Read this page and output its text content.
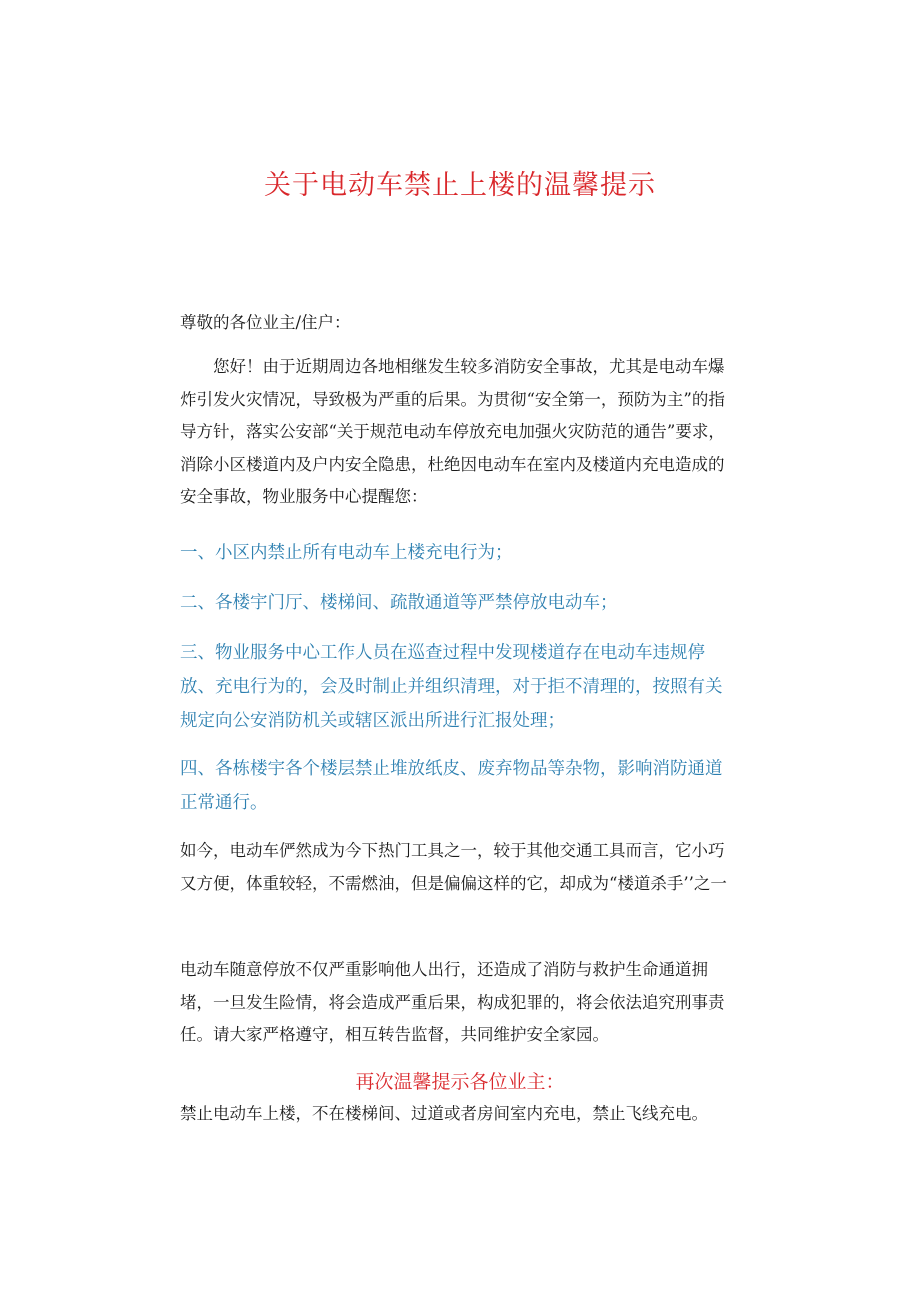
关于电动车禁止上楼的温馨提示

尊敬的各位业主/住户：

您好！由于近期周边各地相继发生较多消防安全事故，尤其是电动车爆炸引发火灾情况，导致极为严重的后果。为贯彻“安全第一，预防为主”的指导方针，落实公安部“关于规范电动车停放充电加强火灾防范的通告”要求，消除小区楼道内及户内安全隐患，杜绝因电动车在室内及楼道内充电造成的安全事故，物业服务中心提醒您：

一、小区内禁止所有电动车上楼充电行为；

二、各楼宇门厅、楼梯间、疏散通道等严禁停放电动车；

三、物业服务中心工作人员在巡查过程中发现楼道存在电动车违规停放、充电行为的，会及时制止并组织清理，对于拒不清理的，按照有关规定向公安消防机关或辖区派出所进行汇报处理；

四、各栋楼宇各个楼层禁止堆放纸皮、废弃物品等杂物，影响消防通道正常通行。

如今，电动车俨然成为今下热门工具之一，较于其他交通工具而言，它小巧又方便，体重较轻，不需燃油，但是偏偏这样的它，却成为“楼道杀手’’之一

电动车随意停放不仅严重影响他人出行，还造成了消防与救护生命通道拥堵，一旦发生险情，将会造成严重后果，构成犯罪的，将会依法追究刑事责任。请大家严格遵守，相互转告监督，共同维护安全家园。

再次温馨提示各位业主：

禁止电动车上楼，不在楼梯间、过道或者房间室内充电，禁止飞线充电。
